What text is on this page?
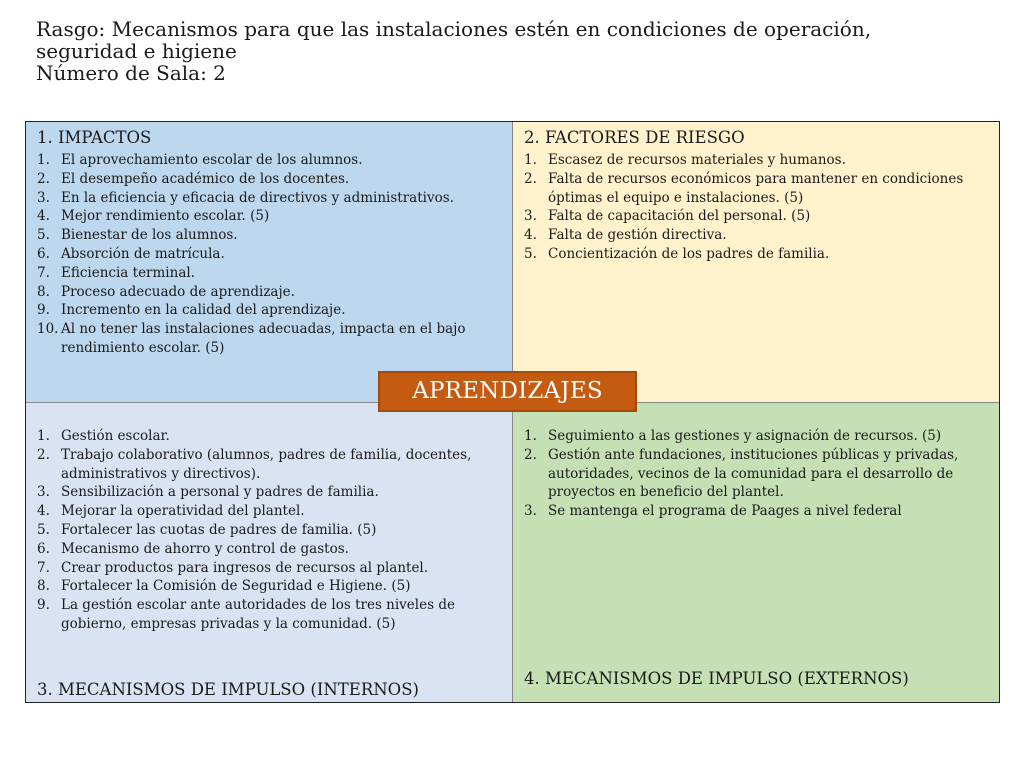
Rasgo: Mecanismos para que las instalaciones estén en condiciones de operación,
seguridad e higiene
Número de Sala: 2
1. IMPACTOS
1. El aprovechamiento escolar de los alumnos.
2. El desempeño académico de los docentes.
3. En la eficiencia y eficacia de directivos y administrativos.
4. Mejor rendimiento escolar. (5)
5. Bienestar de los alumnos.
6. Absorción de matrícula.
7. Eficiencia terminal.
8. Proceso adecuado de aprendizaje.
9. Incremento en la calidad del aprendizaje.
10. Al no tener las instalaciones adecuadas, impacta en el bajo rendimiento escolar. (5)
2. FACTORES DE RIESGO
1. Escasez de recursos materiales y humanos.
2. Falta de recursos económicos para mantener en condiciones óptimas el equipo e instalaciones. (5)
3. Falta de capacitación del personal. (5)
4. Falta de gestión directiva.
5. Concientización de los padres de familia.
1. Gestión escolar.
2. Trabajo colaborativo (alumnos, padres de familia, docentes, administrativos y directivos).
3. Sensibilización a personal y padres de familia.
4. Mejorar la operatividad del plantel.
5. Fortalecer las cuotas de padres de familia. (5)
6. Mecanismo de ahorro y control de gastos.
7. Crear productos para ingresos de recursos al plantel.
8. Fortalecer la Comisión de Seguridad e Higiene. (5)
9. La gestión escolar ante autoridades de los tres niveles de gobierno, empresas privadas y la comunidad. (5)
3. MECANISMOS DE IMPULSO (INTERNOS)
1. Seguimiento a las gestiones y asignación de recursos. (5)
2. Gestión ante fundaciones, instituciones públicas y privadas, autoridades, vecinos de la comunidad para el desarrollo de proyectos en beneficio del plantel.
3. Se mantenga el programa de Paages a nivel federal
4. MECANISMOS DE IMPULSO (EXTERNOS)
APRENDIZAJES
